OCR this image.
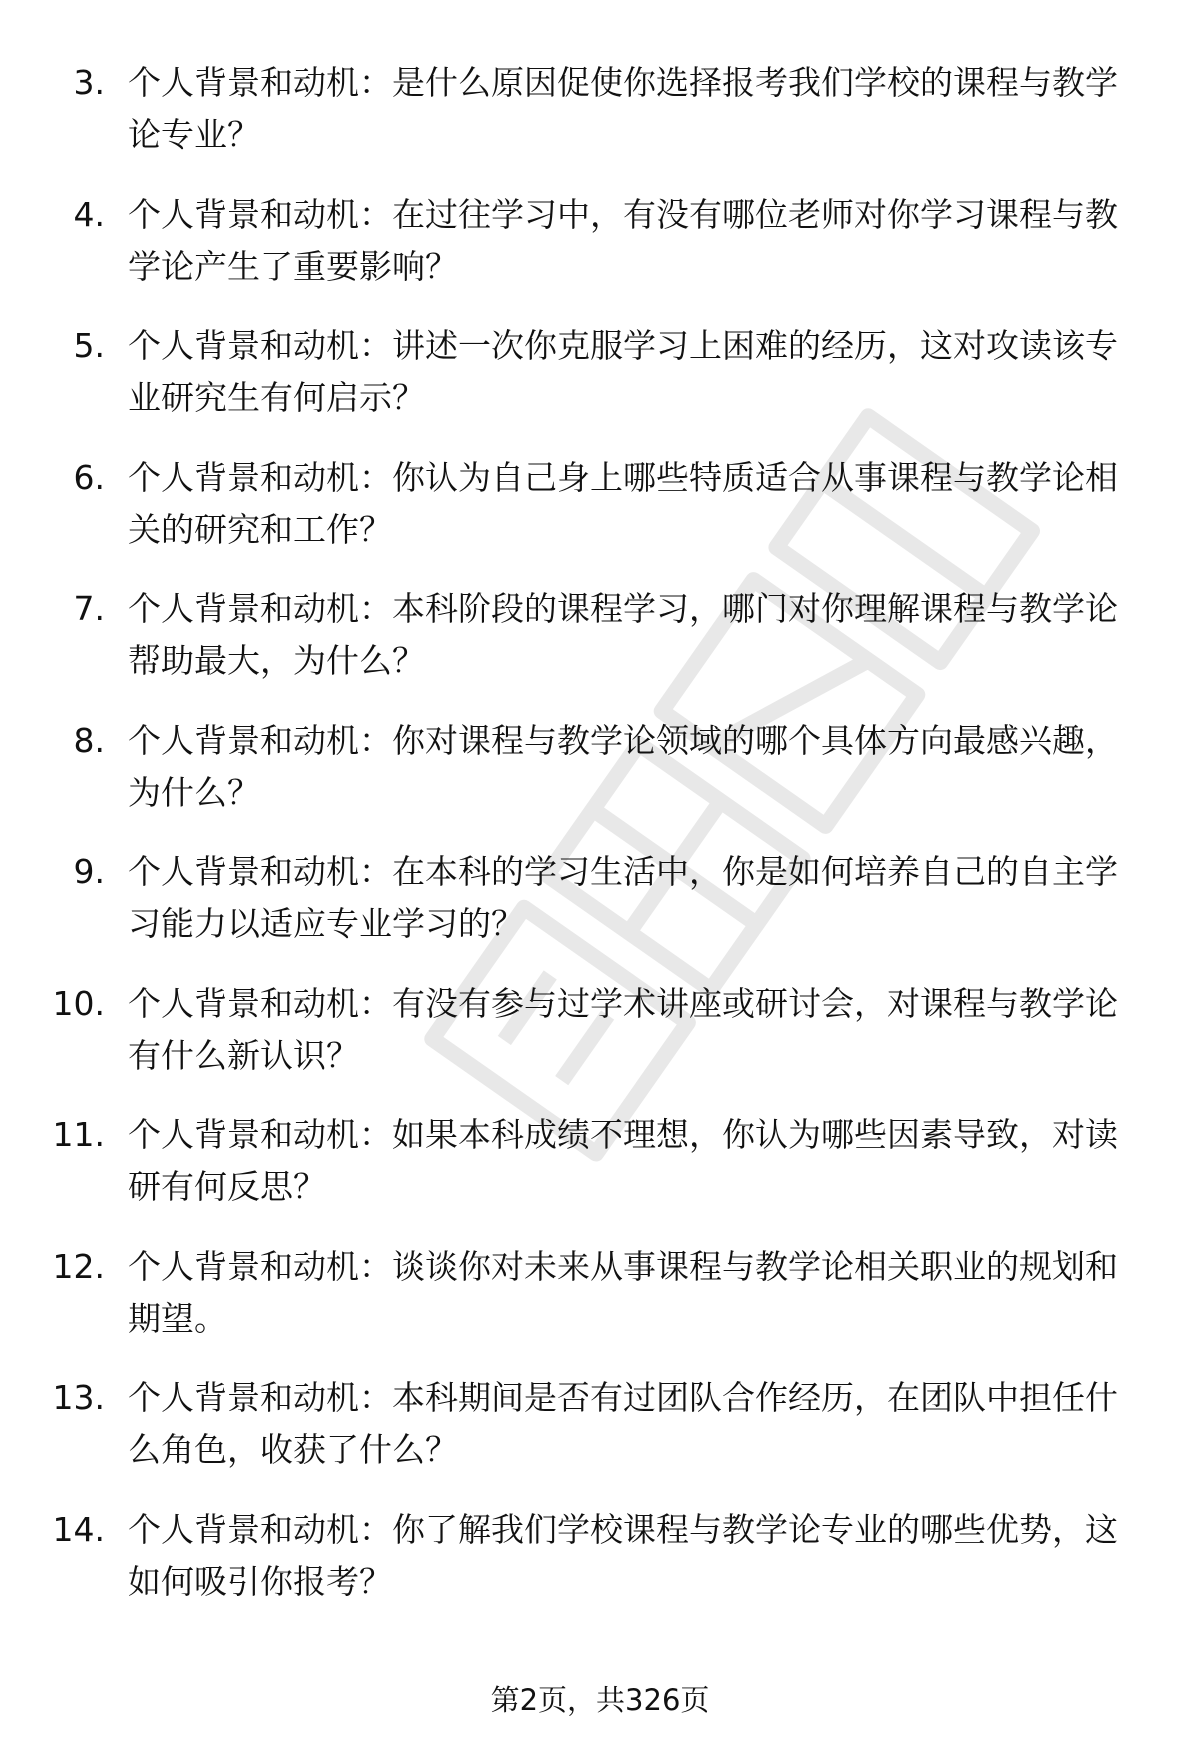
3. 个人背景和动机：是什么原因促使你选择报考我们学校的课程与教学论专业？
4. 个人背景和动机：在过往学习中，有没有哪位老师对你学习课程与教学论产生了重要影响？
5. 个人背景和动机：讲述一次你克服学习上困难的经历，这对攻读该专业研究生有何启示？
6. 个人背景和动机：你认为自己身上哪些特质适合从事课程与教学论相关的研究和工作？
7. 个人背景和动机：本科阶段的课程学习，哪门对你理解课程与教学论帮助最大，为什么？
8. 个人背景和动机：你对课程与教学论领域的哪个具体方向最感兴趣，为什么？
9. 个人背景和动机：在本科的学习生活中，你是如何培养自己的自主学习能力以适应专业学习的？
10. 个人背景和动机：有没有参与过学术讲座或研讨会，对课程与教学论有什么新认识？
11. 个人背景和动机：如果本科成绩不理想，你认为哪些因素导致，对读研有何反思？
12. 个人背景和动机：谈谈你对未来从事课程与教学论相关职业的规划和期望。
13. 个人背景和动机：本科期间是否有过团队合作经历，在团队中担任什么角色，收获了什么？
14. 个人背景和动机：你了解我们学校课程与教学论专业的哪些优势，这如何吸引你报考？
第2页，共326页
